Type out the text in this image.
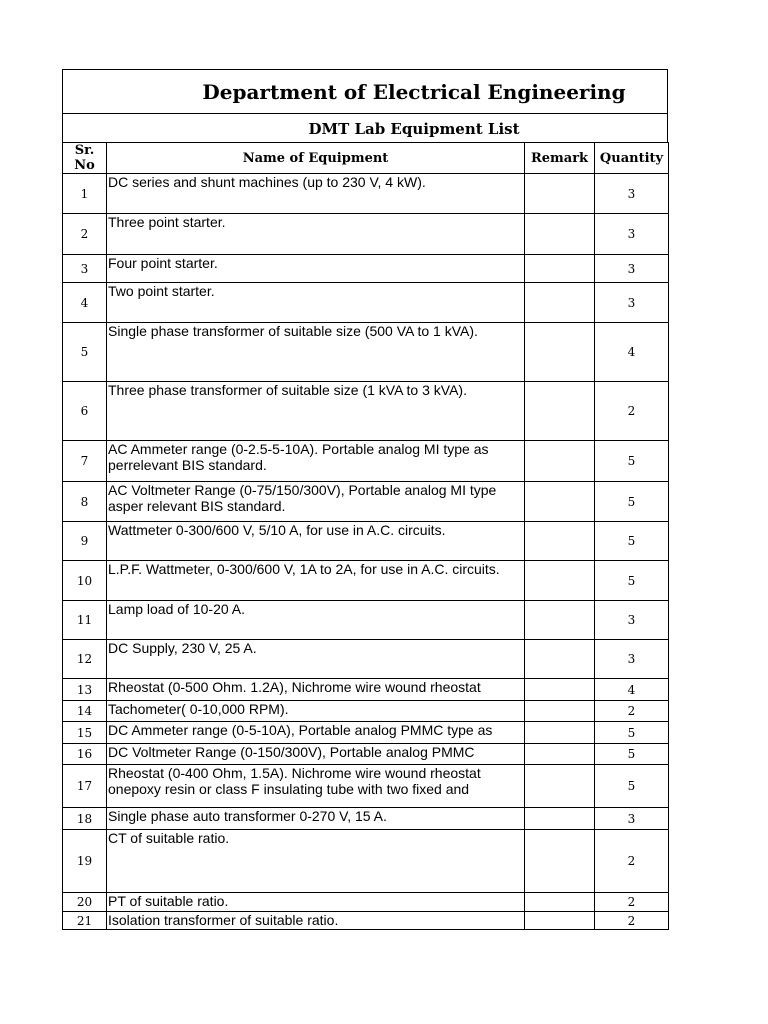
Department of Electrical Engineering
DMT Lab Equipment List
Sr. No	Name of Equipment	Remark	Quantity
1	DC series and shunt machines (up to 230 V, 4 kW).		3
2	Three point starter.		3
3	Four point starter.		3
4	Two point starter.		3
5	Single phase transformer of suitable size (500 VA to 1 kVA).		4
6	Three phase transformer of suitable size (1 kVA to 3 kVA).		2
7	AC Ammeter range (0-2.5-5-10A). Portable analog MI type as perrelevant BIS standard.		5
8	AC Voltmeter Range (0-75/150/300V), Portable analog MI type asper relevant BIS standard.		5
9	Wattmeter 0-300/600 V, 5/10 A, for use in A.C. circuits.		5
10	L.P.F. Wattmeter, 0-300/600 V, 1A to 2A, for use in A.C. circuits.		5
11	Lamp load of 10-20 A.		3
12	DC Supply, 230 V, 25 A.		3
13	Rheostat (0-500 Ohm. 1.2A), Nichrome wire wound rheostat		4
14	Tachometer( 0-10,000 RPM).		2
15	DC Ammeter range (0-5-10A), Portable analog PMMC type as		5
16	DC Voltmeter Range (0-150/300V), Portable analog PMMC		5
17	Rheostat (0-400 Ohm, 1.5A). Nichrome wire wound rheostat onepoxy resin or class F insulating tube with two fixed and		5
18	Single phase auto transformer 0-270 V, 15 A.		3
19	CT of suitable ratio.		2
20	PT of suitable ratio.		2
21	Isolation transformer of suitable ratio.		2
